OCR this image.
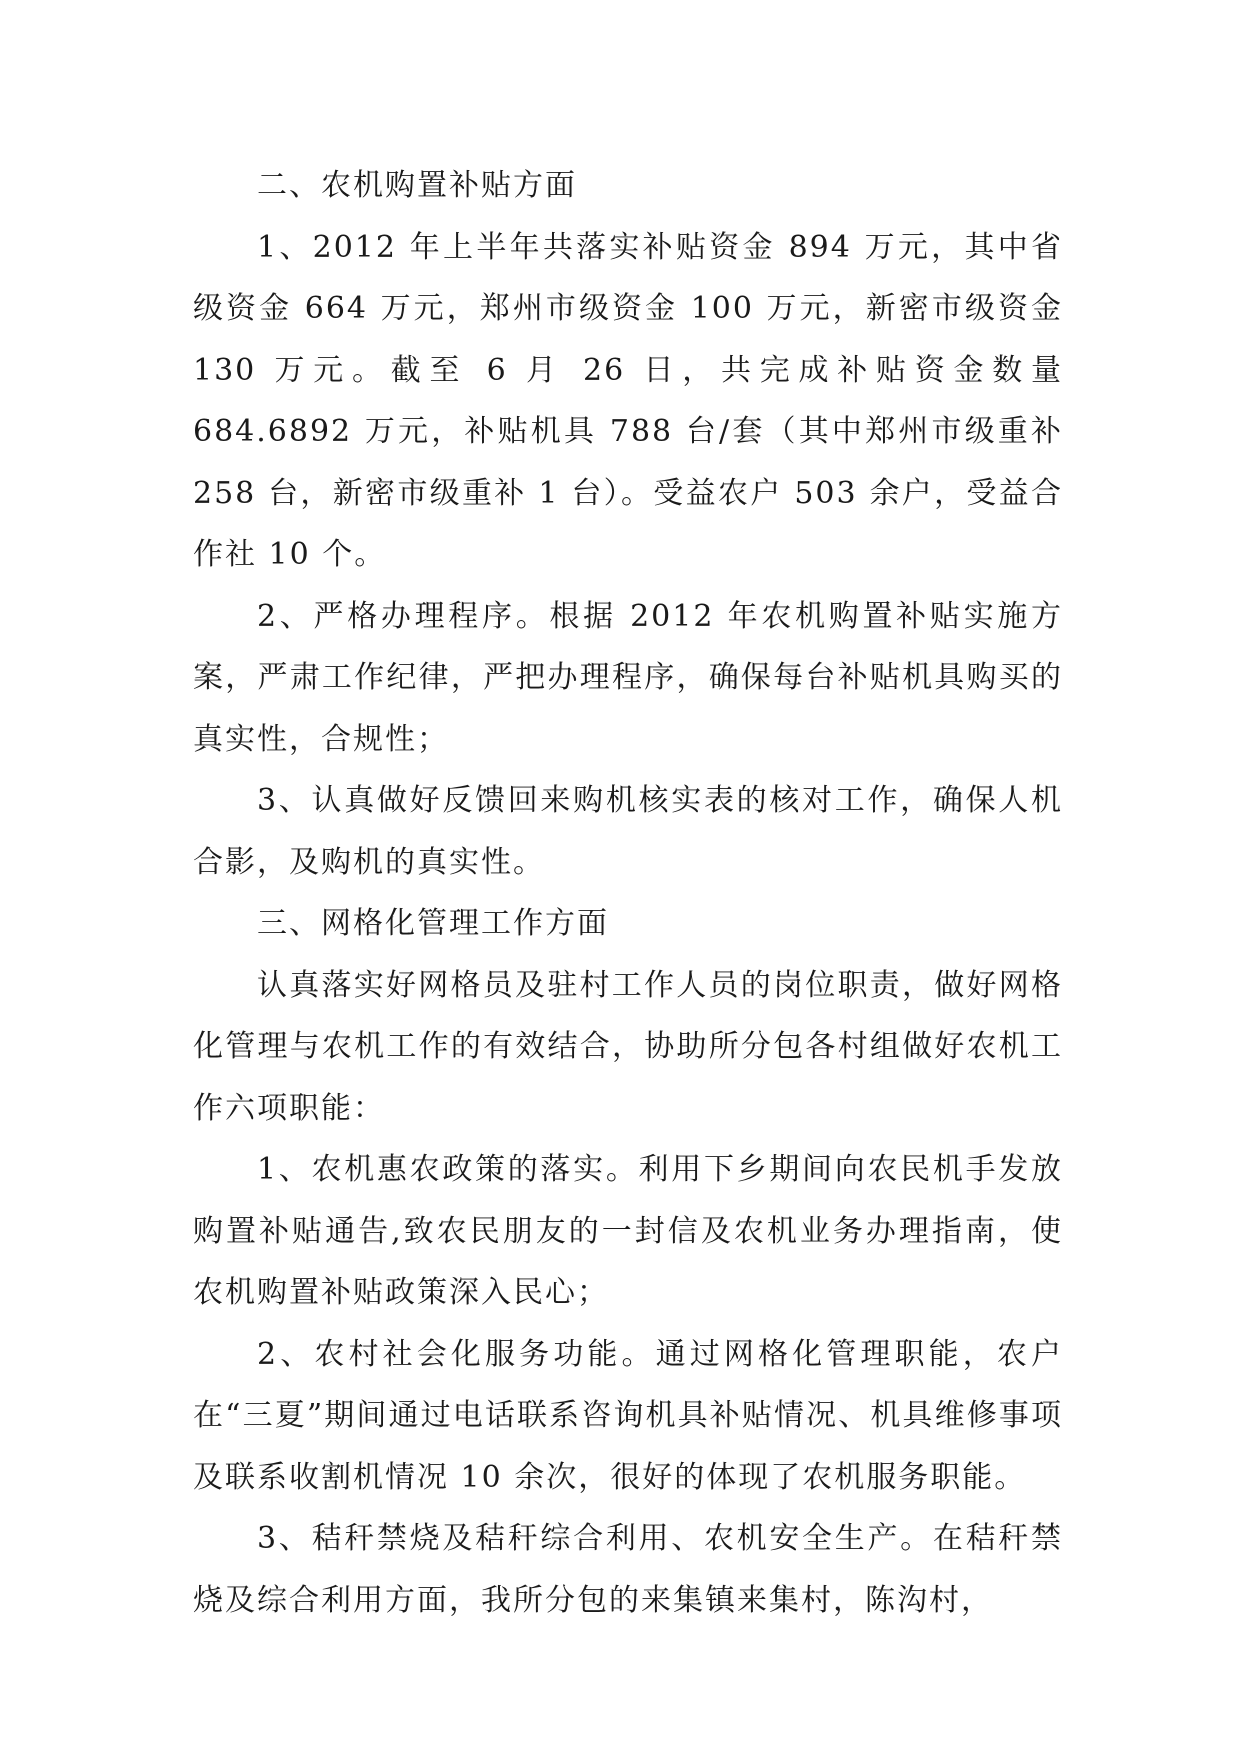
二、农机购置补贴方面

1、2012 年上半年共落实补贴资金 894 万元，其中省级资金 664 万元，郑州市级资金 100 万元，新密市级资金 130 万元。截至 6 月 26 日，共完成补贴资金数量 684.6892 万元，补贴机具 788 台/套（其中郑州市级重补 258 台，新密市级重补 1 台）。受益农户 503 余户，受益合作社 10 个。

2、严格办理程序。根据 2012 年农机购置补贴实施方案，严肃工作纪律，严把办理程序，确保每台补贴机具购买的真实性，合规性；

3、认真做好反馈回来购机核实表的核对工作，确保人机合影，及购机的真实性。

三、网格化管理工作方面

认真落实好网格员及驻村工作人员的岗位职责，做好网格化管理与农机工作的有效结合，协助所分包各村组做好农机工作六项职能：

1、农机惠农政策的落实。利用下乡期间向农民机手发放购置补贴通告,致农民朋友的一封信及农机业务办理指南，使农机购置补贴政策深入民心；

2、农村社会化服务功能。通过网格化管理职能，农户在“三夏”期间通过电话联系咨询机具补贴情况、机具维修事项及联系收割机情况 10 余次，很好的体现了农机服务职能。

3、秸秆禁烧及秸秆综合利用、农机安全生产。在秸秆禁烧及综合利用方面，我所分包的来集镇来集村，陈沟村，
